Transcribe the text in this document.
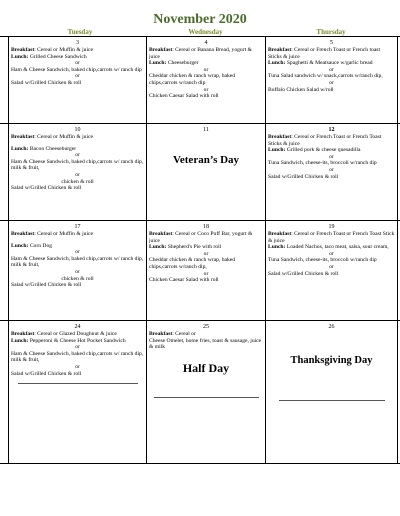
November 2020
Tuesday	Wednesday	Thursday
3
Breakfast: Cereal or Muffin & juice
Lunch: Grilled Cheese Sandwich
or
Ham & Cheese Sandwich, baked chip,carrots w/ ranch dip
or
Salad w/Grilled Chicken & roll
4
Breakfast: Cereal or Banana Bread, yogurt & juice
Lunch: Cheeseburger
or
Cheddar chicken & ranch wrap, baked chips,carrots w/ranch dip
or
Chicken Caesar Salad with roll
5
Breakfast: Cereal or French Toast or French toast Sticks & juice
Lunch: Spaghetti & Meatsauce w/garlic bread
or
Tuna Salad sandwich w/ snack,carrots w/ranch dip,
or
Buffalo Chicken Salad w/roll
10
Breakfast: Cereal or Muffin & juice
Lunch: Bacon Cheeseburger
or
Ham & Cheese Sandwich, baked chip,carrots w/ ranch dip, milk & fruit,
or
chicken & roll
Salad w/Grilled Chicken & roll
11
Veteran’s Day
12
Breakfast: Cereal or French Toast or French Toast Sticks & juice
Lunch: Grilled pork & cheese quesadilla
or
Tuna Sandwich, cheese-its, broccoli w/ranch dip
or
Salad w/Grilled Chicken & roll
17
Breakfast: Cereal or Muffin & juice
Lunch: Corn Dog
or
Ham & Cheese Sandwich, baked chip,carrots w/ ranch dip, milk & fruit,
or
chicken & roll
Salad w/Grilled Chicken & roll
18
Breakfast: Cereal or Coco Puff Bar, yogurt & juice
Lunch: Shepherd's Pie with roll
or
Cheddar chicken & ranch wrap, baked chips,carrots w/ranch dip,
or
Chicken Caesar Salad with roll
19
Breakfast: Cereal or French Toast or French Toast Stick & juice
Lunch: Loaded Nachos, taco meat, salsa, sour cream,
or
Tuna Sandwich, cheese-its, broccoli w/ranch dip
or
Salad w/Grilled Chicken & roll
24
Breakfast: Cereal or Glazed Doughnut & juice
Lunch: Pepperoni & Cheese Hot Pocket Sandwich
or
Ham & Cheese Sandwich, baked chip,carrots w/ ranch dip, milk & fruit,
or
Salad w/Grilled Chicken & roll
25
Breakfast: Cereal or
Cheese Omelet, home fries, toast & sausage, juice & milk
Half Day
26
Thanksgiving Day
